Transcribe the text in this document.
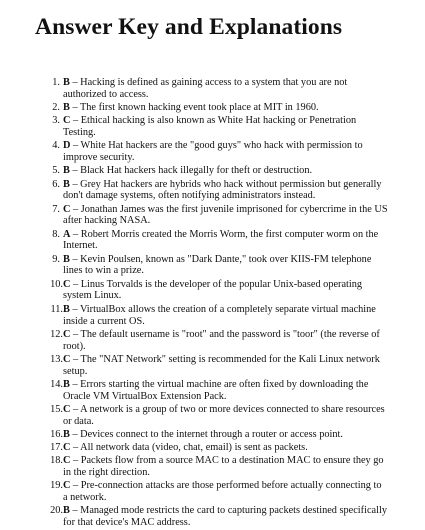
Answer Key and Explanations
1. B – Hacking is defined as gaining access to a system that you are not authorized to access.
2. B – The first known hacking event took place at MIT in 1960.
3. C – Ethical hacking is also known as White Hat hacking or Penetration Testing.
4. D – White Hat hackers are the "good guys" who hack with permission to improve security.
5. B – Black Hat hackers hack illegally for theft or destruction.
6. B – Grey Hat hackers are hybrids who hack without permission but generally don't damage systems, often notifying administrators instead.
7. C – Jonathan James was the first juvenile imprisoned for cybercrime in the US after hacking NASA.
8. A – Robert Morris created the Morris Worm, the first computer worm on the Internet.
9. B – Kevin Poulsen, known as "Dark Dante," took over KIIS-FM telephone lines to win a prize.
10. C – Linus Torvalds is the developer of the popular Unix-based operating system Linux.
11. B – VirtualBox allows the creation of a completely separate virtual machine inside a current OS.
12. C – The default username is "root" and the password is "toor" (the reverse of root).
13. C – The "NAT Network" setting is recommended for the Kali Linux network setup.
14. B – Errors starting the virtual machine are often fixed by downloading the Oracle VM VirtualBox Extension Pack.
15. C – A network is a group of two or more devices connected to share resources or data.
16. B – Devices connect to the internet through a router or access point.
17. C – All network data (video, chat, email) is sent as packets.
18. C – Packets flow from a source MAC to a destination MAC to ensure they go in the right direction.
19. C – Pre-connection attacks are those performed before actually connecting to a network.
20. B – Managed mode restricts the card to capturing packets destined specifically for that device's MAC address.
